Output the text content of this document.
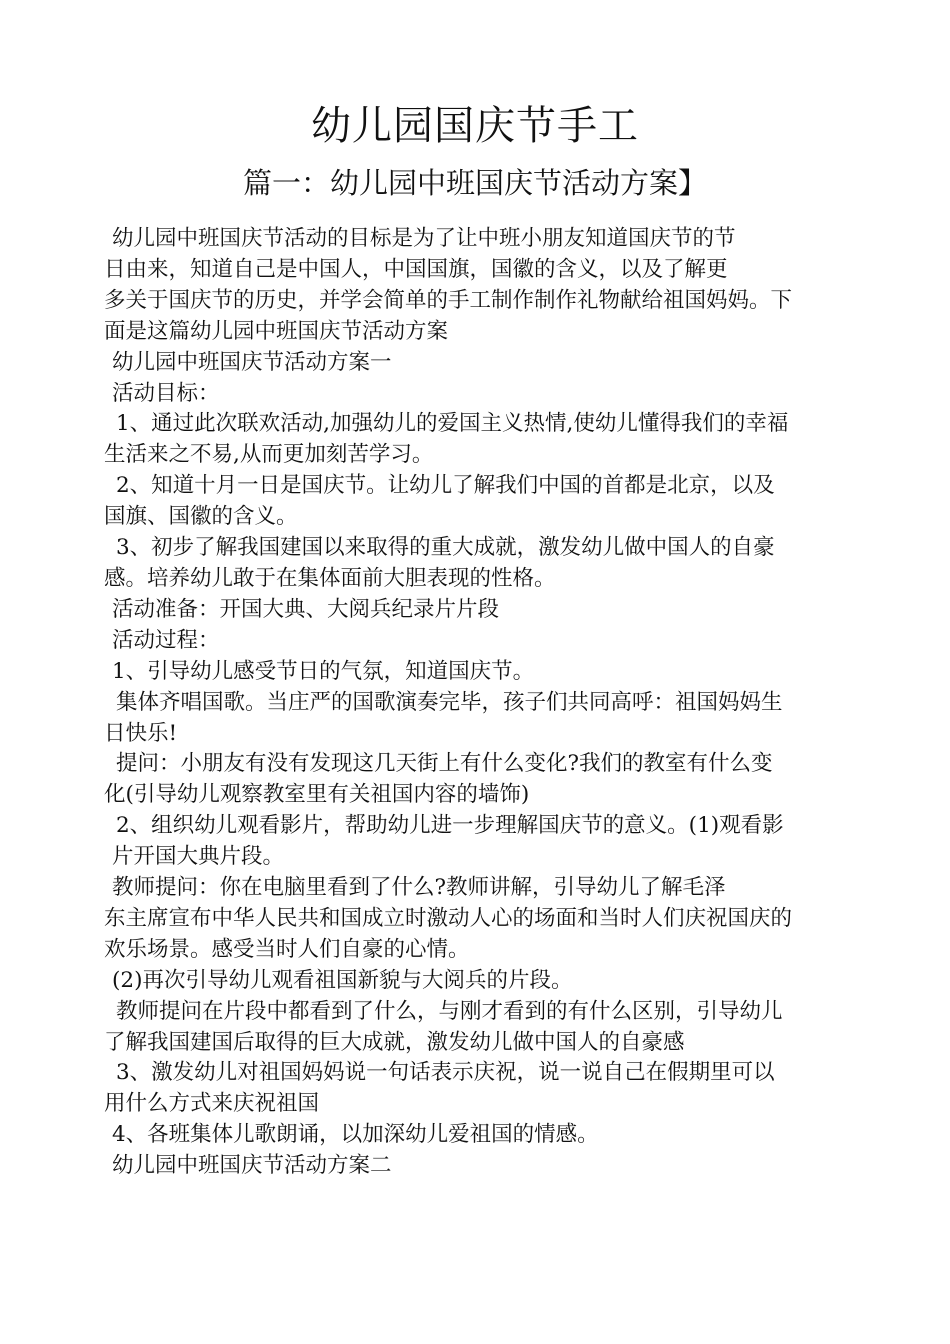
幼儿园国庆节手工
篇一：幼儿园中班国庆节活动方案】
幼儿园中班国庆节活动的目标是为了让中班小朋友知道国庆节的节
日由来，知道自己是中国人，中国国旗，国徽的含义，以及了解更
多关于国庆节的历史，并学会简单的手工制作制作礼物献给祖国妈妈。下
面是这篇幼儿园中班国庆节活动方案
幼儿园中班国庆节活动方案一
活动目标：
1、通过此次联欢活动,加强幼儿的爱国主义热情,使幼儿懂得我们的幸福
生活来之不易,从而更加刻苦学习。
2、知道十月一日是国庆节。让幼儿了解我们中国的首都是北京，以及
国旗、国徽的含义。
3、初步了解我国建国以来取得的重大成就，激发幼儿做中国人的自豪
感。培养幼儿敢于在集体面前大胆表现的性格。
活动准备：开国大典、大阅兵纪录片片段
活动过程：
1、引导幼儿感受节日的气氛，知道国庆节。
集体齐唱国歌。当庄严的国歌演奏完毕，孩子们共同高呼：祖国妈妈生
日快乐!
提问：小朋友有没有发现这几天街上有什么变化?我们的教室有什么变
化(引导幼儿观察教室里有关祖国内容的墙饰)
2、组织幼儿观看影片，帮助幼儿进一步理解国庆节的意义。(1)观看影
片开国大典片段。
教师提问：你在电脑里看到了什么?教师讲解，引导幼儿了解毛泽
东主席宣布中华人民共和国成立时激动人心的场面和当时人们庆祝国庆的
欢乐场景。感受当时人们自豪的心情。
(2)再次引导幼儿观看祖国新貌与大阅兵的片段。
教师提问在片段中都看到了什么，与刚才看到的有什么区别，引导幼儿
了解我国建国后取得的巨大成就，激发幼儿做中国人的自豪感
3、激发幼儿对祖国妈妈说一句话表示庆祝，说一说自己在假期里可以
用什么方式来庆祝祖国
4、各班集体儿歌朗诵，以加深幼儿爱祖国的情感。
幼儿园中班国庆节活动方案二
